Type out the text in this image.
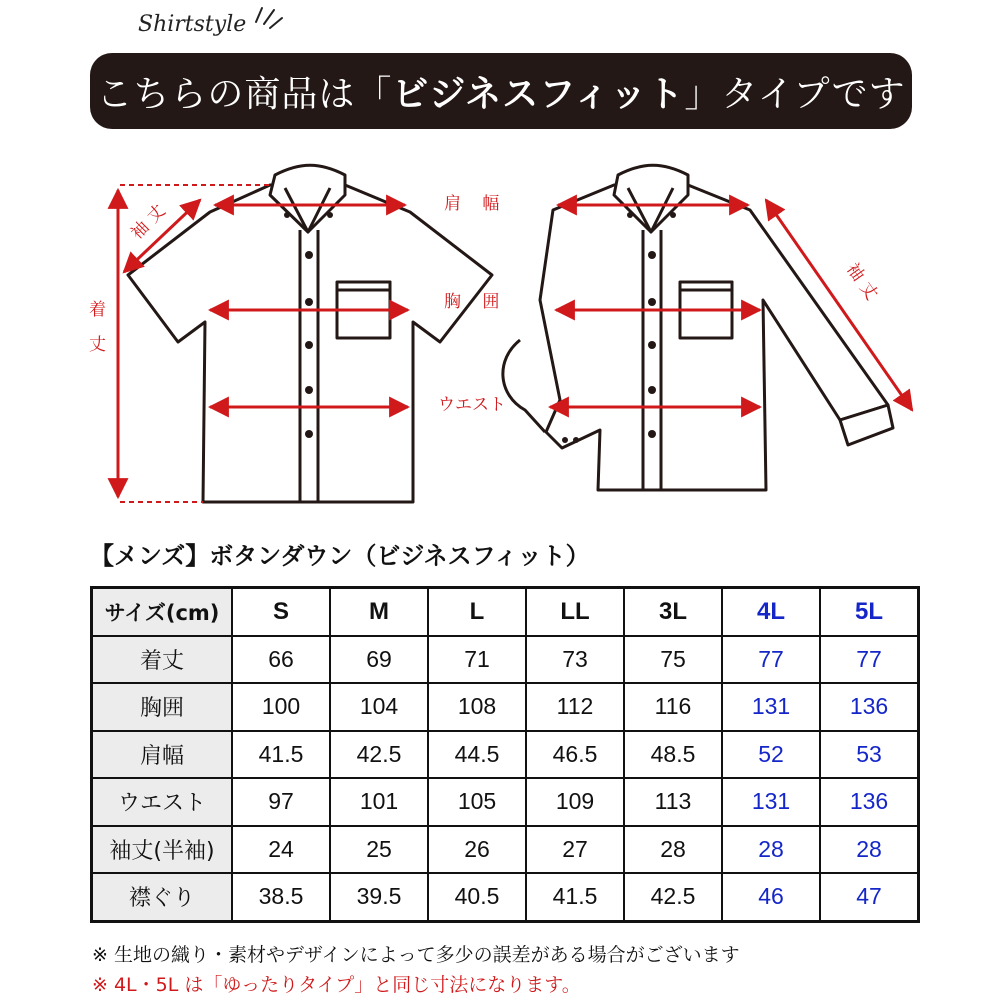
Shirtstyle
こちらの商品は「 ビジネスフィット 」タイプです
肩 幅
胸 囲
ウエスト
着丈
袖丈
袖丈
【メンズ】ボタンダウン（ビジネスフィット）
サイズ(cm)	S	M	L	LL	3L	4L	5L
着丈	66	69	71	73	75	77	77
胸囲	100	104	108	112	116	131	136
肩幅	41.5	42.5	44.5	46.5	48.5	52	53
ウエスト	97	101	105	109	113	131	136
袖丈(半袖)	24	25	26	27	28	28	28
襟ぐり	38.5	39.5	40.5	41.5	42.5	46	47
※ 生地の織り・素材やデザインによって多少の誤差がある場合がございます
※ 4L・5L は「ゆったりタイプ」と同じ寸法になります。
